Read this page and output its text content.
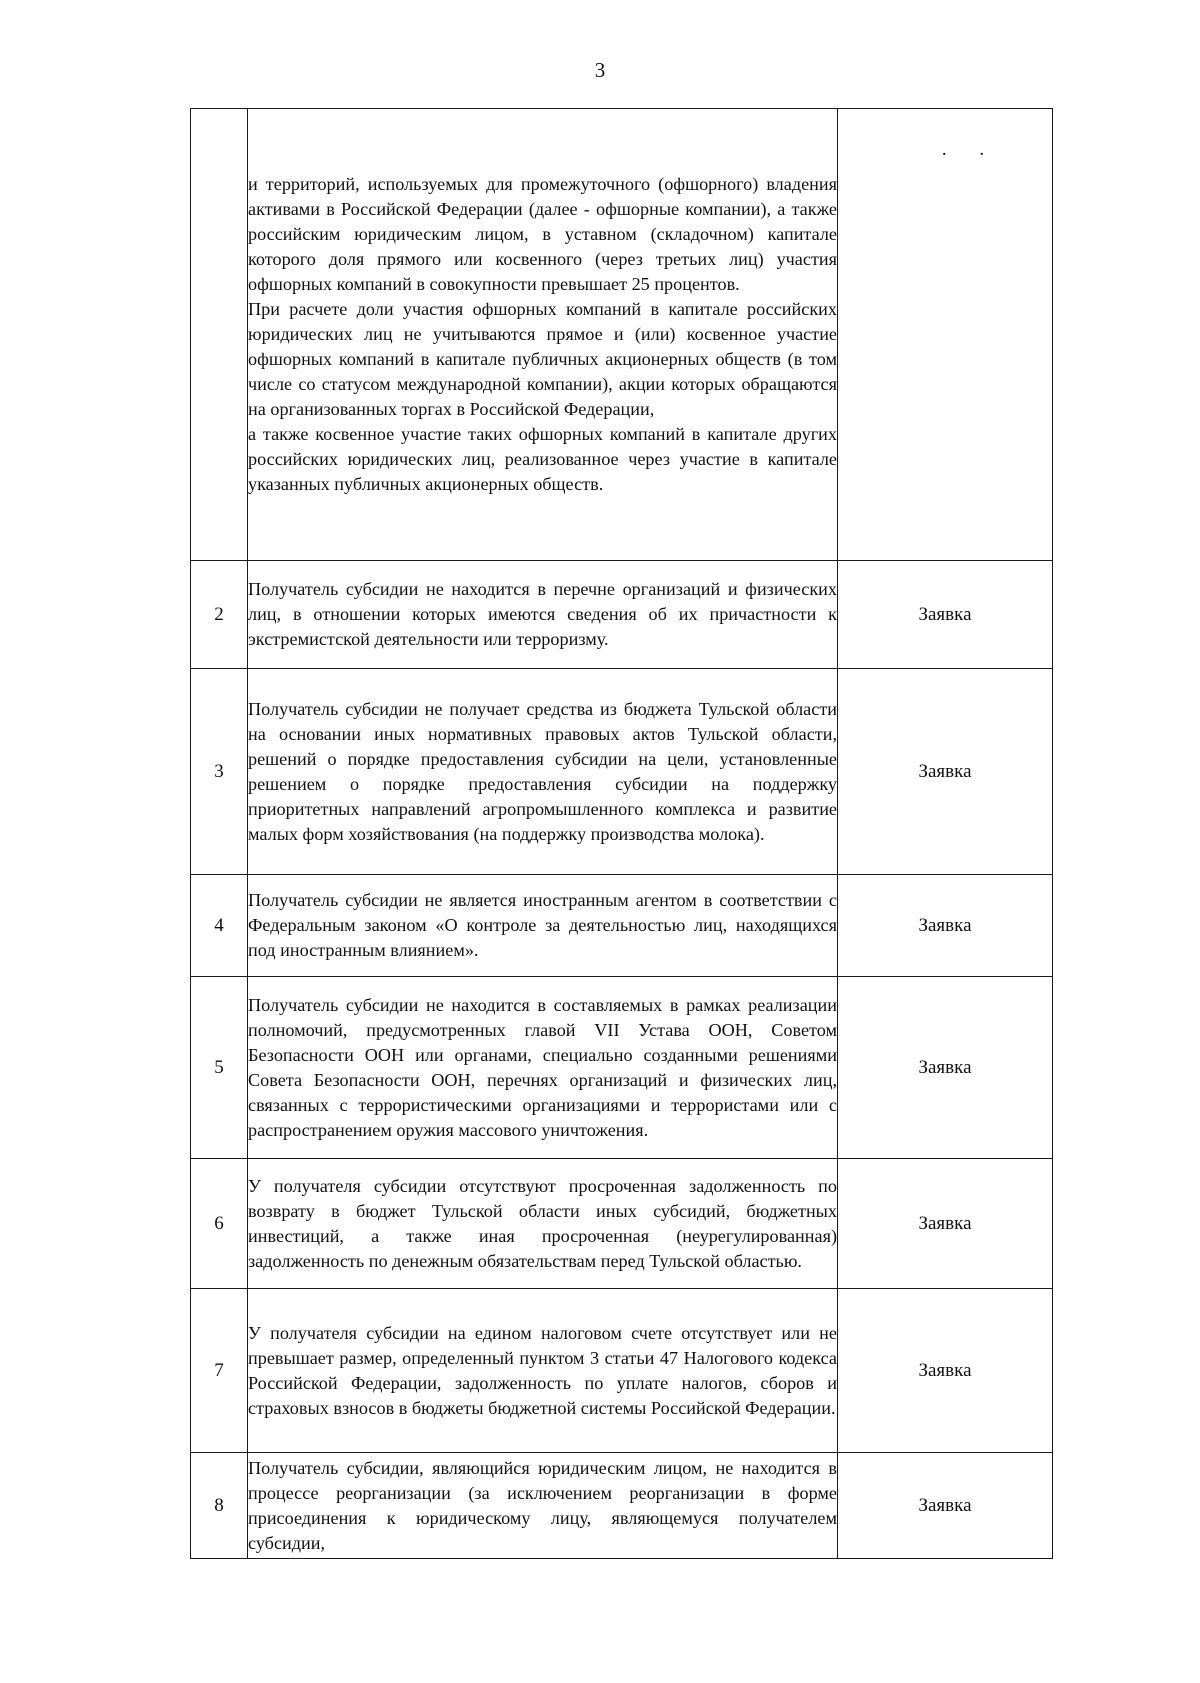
3

	и территорий, используемых для промежуточного (офшорного) владения активами в Российской Федерации (далее - офшорные компании), а также российским юридическим лицом, в уставном (складочном) капитале которого доля прямого или косвенного (через третьих лиц) участия офшорных компаний в совокупности превышает 25 процентов.

При расчете доли участия офшорных компаний в капитале российских юридических лиц не учитываются прямое и (или) косвенное участие офшорных компаний в капитале публичных акционерных обществ (в том числе со статусом международной компании), акции которых обращаются на организованных торгах в Российской Федерации,

а также косвенное участие таких офшорных компаний в капитале других российских юридических лиц, реализованное через участие в капитале указанных публичных акционерных обществ.	. .
2	Получатель субсидии не находится в перечне организаций и физических лиц, в отношении которых имеются сведения об их причастности к экстремистской деятельности или терроризму.	Заявка
3	Получатель субсидии не получает средства из бюджета Тульской области на основании иных нормативных правовых актов Тульской области, решений о порядке предоставления субсидии на цели, установленные решением о порядке предоставления субсидии на поддержку приоритетных направлений агропромышленного комплекса и развитие малых форм хозяйствования (на поддержку производства молока).	Заявка
4	Получатель субсидии не является иностранным агентом в соответствии с Федеральным законом «О контроле за деятельностью лиц, находящихся под иностранным влиянием».	Заявка
5	Получатель субсидии не находится в составляемых в рамках реализации полномочий, предусмотренных главой VII Устава ООН, Советом Безопасности ООН или органами, специально созданными решениями Совета Безопасности ООН, перечнях организаций и физических лиц, связанных с террористическими организациями и террористами или с распространением оружия массового уничтожения.	Заявка
6	У получателя субсидии отсутствуют просроченная задолженность по возврату в бюджет Тульской области иных субсидий, бюджетных инвестиций, а также иная просроченная (неурегулированная) задолженность по денежным обязательствам перед Тульской областью.	Заявка
7	У получателя субсидии на едином налоговом счете отсутствует или не превышает размер, определенный пунктом 3 статьи 47 Налогового кодекса Российской Федерации, задолженность по уплате налогов, сборов и страховых взносов в бюджеты бюджетной системы Российской Федерации.	Заявка
8	Получатель субсидии, являющийся юридическим лицом, не находится в процессе реорганизации (за исключением реорганизации в форме присоединения к юридическому лицу, являющемуся получателем субсидии,	Заявка
